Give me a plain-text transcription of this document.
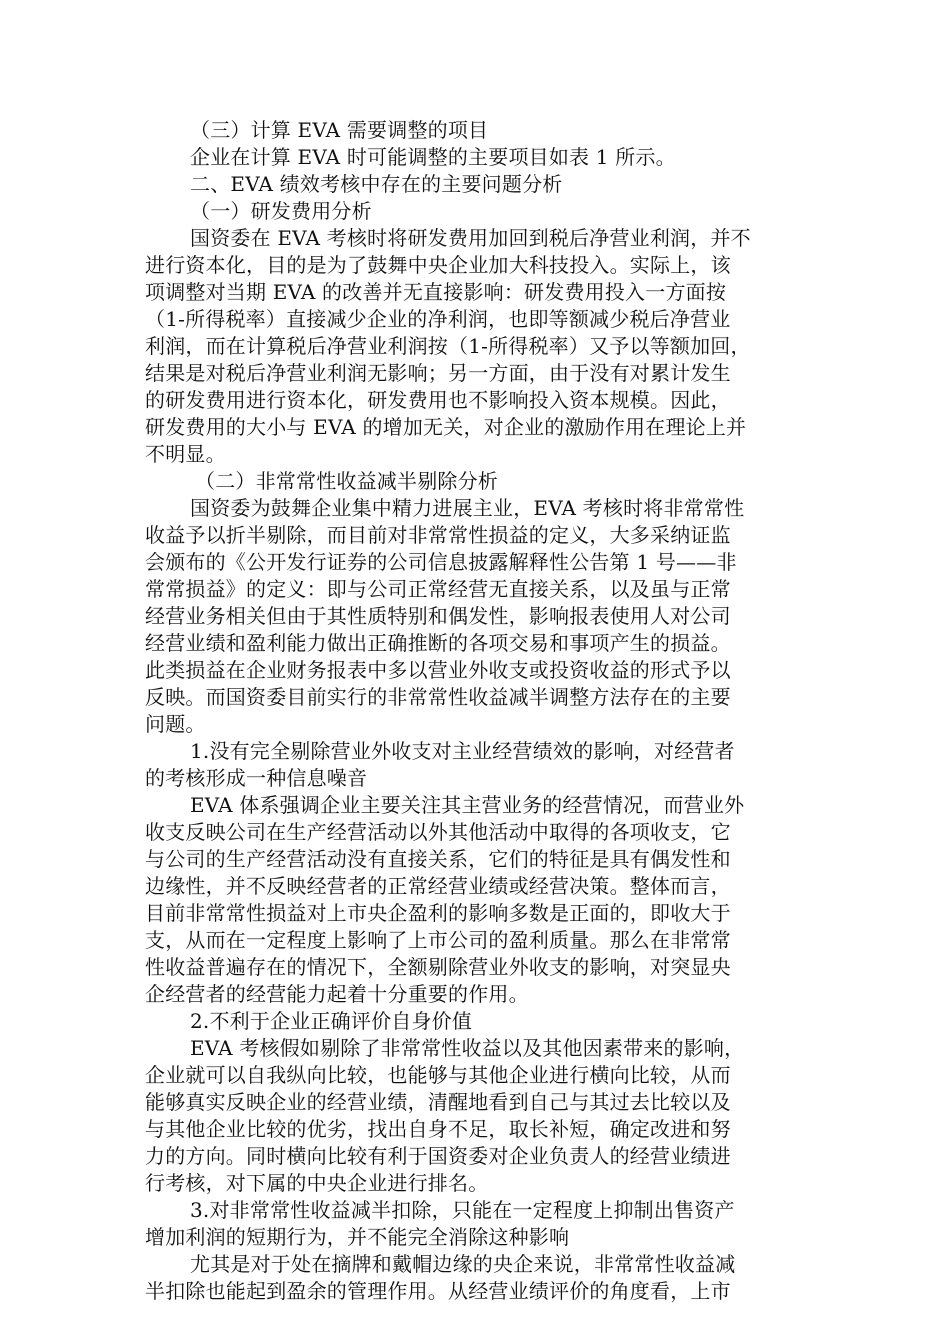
（三）计算 EVA 需要调整的项目
企业在计算 EVA 时可能调整的主要项目如表 1 所示。
二、EVA 绩效考核中存在的主要问题分析
（一）研发费用分析
国资委在 EVA 考核时将研发费用加回到税后净营业利润，并不
进行资本化，目的是为了鼓舞中央企业加大科技投入。实际上，该
项调整对当期 EVA 的改善并无直接影响：研发费用投入一方面按
（1-所得税率）直接减少企业的净利润，也即等额减少税后净营业
利润，而在计算税后净营业利润按（1-所得税率）又予以等额加回，
结果是对税后净营业利润无影响；另一方面，由于没有对累计发生
的研发费用进行资本化，研发费用也不影响投入资本规模。因此，
研发费用的大小与 EVA 的增加无关，对企业的激励作用在理论上并
不明显。
（二）非常常性收益减半剔除分析
国资委为鼓舞企业集中精力进展主业，EVA 考核时将非常常性
收益予以折半剔除，而目前对非常常性损益的定义，大多采纳证监
会颁布的《公开发行证券的公司信息披露解释性公告第 1 号——非
常常损益》的定义：即与公司正常经营无直接关系，以及虽与正常
经营业务相关但由于其性质特别和偶发性，影响报表使用人对公司
经营业绩和盈利能力做出正确推断的各项交易和事项产生的损益。
此类损益在企业财务报表中多以营业外收支或投资收益的形式予以
反映。而国资委目前实行的非常常性收益减半调整方法存在的主要
问题。
1.没有完全剔除营业外收支对主业经营绩效的影响，对经营者
的考核形成一种信息噪音
EVA 体系强调企业主要关注其主营业务的经营情况，而营业外
收支反映公司在生产经营活动以外其他活动中取得的各项收支，它
与公司的生产经营活动没有直接关系，它们的特征是具有偶发性和
边缘性，并不反映经营者的正常经营业绩或经营决策。整体而言，
目前非常常性损益对上市央企盈利的影响多数是正面的，即收大于
支，从而在一定程度上影响了上市公司的盈利质量。那么在非常常
性收益普遍存在的情况下，全额剔除营业外收支的影响，对突显央
企经营者的经营能力起着十分重要的作用。
2.不利于企业正确评价自身价值
EVA 考核假如剔除了非常常性收益以及其他因素带来的影响，
企业就可以自我纵向比较，也能够与其他企业进行横向比较，从而
能够真实反映企业的经营业绩，清醒地看到自己与其过去比较以及
与其他企业比较的优劣，找出自身不足，取长补短，确定改进和努
力的方向。同时横向比较有利于国资委对企业负责人的经营业绩进
行考核，对下属的中央企业进行排名。
3.对非常常性收益减半扣除，只能在一定程度上抑制出售资产
增加利润的短期行为，并不能完全消除这种影响
尤其是对于处在摘牌和戴帽边缘的央企来说，非常常性收益减
半扣除也能起到盈余的管理作用。从经营业绩评价的角度看，上市
